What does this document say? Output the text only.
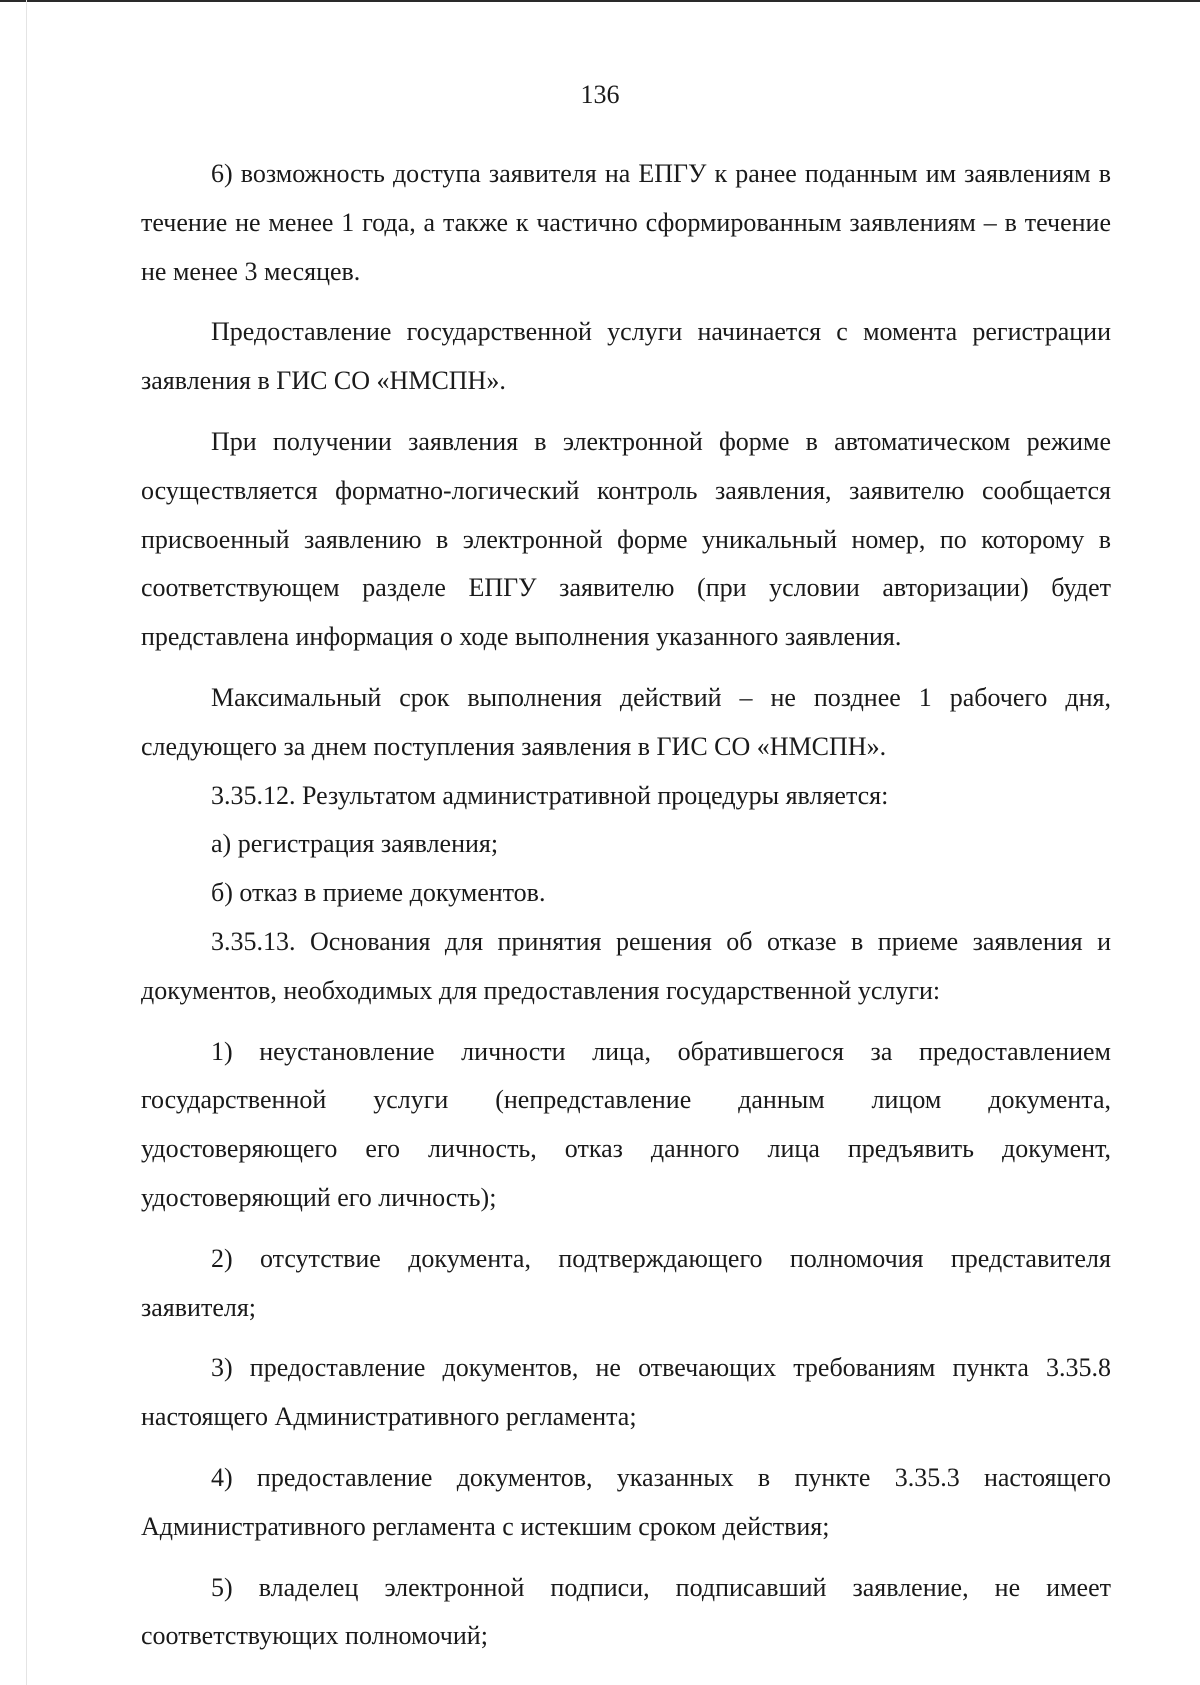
136

6) возможность доступа заявителя на ЕПГУ к ранее поданным им заявлениям в течение не менее 1 года, а также к частично сформированным заявлениям – в течение не менее 3 месяцев.

Предоставление государственной услуги начинается с момента регистрации заявления в ГИС СО «НМСПН».

При получении заявления в электронной форме в автоматическом режиме осуществляется форматно-логический контроль заявления, заявителю сообщается присвоенный заявлению в электронной форме уникальный номер, по которому в соответствующем разделе ЕПГУ заявителю (при условии авторизации) будет представлена информация о ходе выполнения указанного заявления.

Максимальный срок выполнения действий – не позднее 1 рабочего дня, следующего за днем поступления заявления в ГИС СО «НМСПН».

3.35.12. Результатом административной процедуры является:

а) регистрация заявления;

б) отказ в приеме документов.

3.35.13. Основания для принятия решения об отказе в приеме заявления и документов, необходимых для предоставления государственной услуги:

1) неустановление личности лица, обратившегося за предоставлением государственной услуги (непредставление данным лицом документа, удостоверяющего его личность, отказ данного лица предъявить документ, удостоверяющий его личность);

2) отсутствие документа, подтверждающего полномочия представителя заявителя;

3) предоставление документов, не отвечающих требованиям пункта 3.35.8 настоящего Административного регламента;

4) предоставление документов, указанных в пункте 3.35.3 настоящего Административного регламента с истекшим сроком действия;

5) владелец электронной подписи, подписавший заявление, не имеет соответствующих полномочий;
